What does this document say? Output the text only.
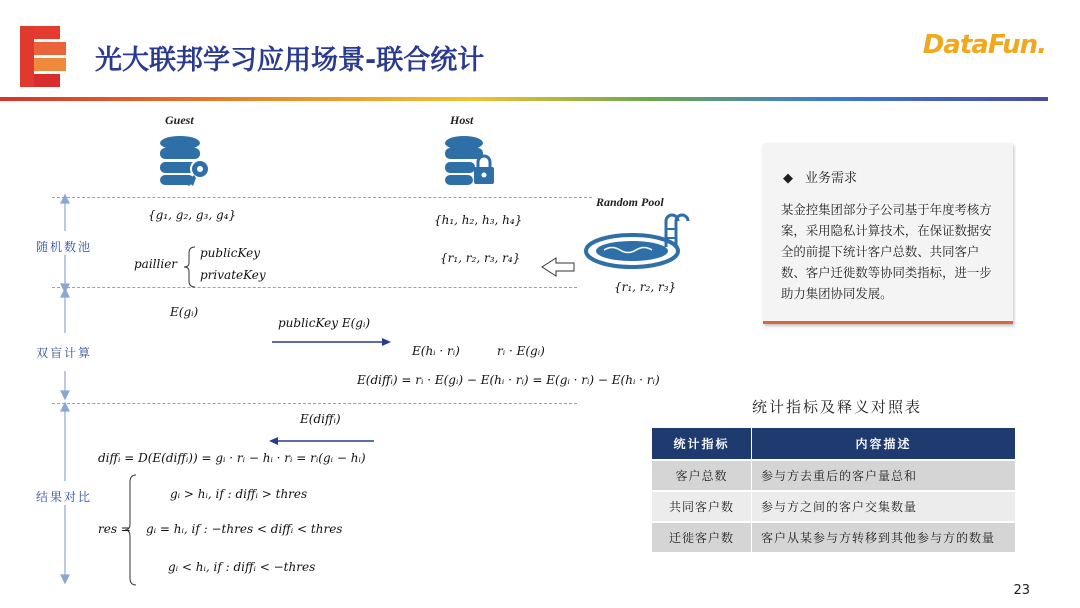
光大联邦学习应用场景-联合统计	DataFun.
Guest	Host
Random Pool
随机数池
双盲计算
结果对比
{g₁, g₂, g₃, g₄}	{h₁, h₂, h₃, h₄}
{r₁, r₂, r₃, r₄}
{r₁, r₂, r₃}
paillier
publicKey
privateKey
E(gᵢ)
publicKey E(gᵢ)
E(hᵢ · rᵢ)	rᵢ · E(gᵢ)
E(diffᵢ) = rᵢ · E(gᵢ) − E(hᵢ · rᵢ) = E(gᵢ · rᵢ) − E(hᵢ · rᵢ)
E(diffᵢ)
diffᵢ = D(E(diffᵢ)) = gᵢ · rᵢ − hᵢ · rᵢ = rᵢ(gᵢ − hᵢ)
res =
gᵢ > hᵢ, if : diffᵢ > thres
gᵢ = hᵢ, if : −thres < diffᵢ < thres
gᵢ < hᵢ, if : diffᵢ < −thres
◆ 业务需求
某金控集团部分子公司基于年度考核方案，采用隐私计算技术，在保证数据安全的前提下统计客户总数、共同客户数、客户迁徙数等协同类指标，进一步助力集团协同发展。
统计指标及释义对照表
统计指标	内容描述
客户总数	参与方去重后的客户量总和
共同客户数	参与方之间的客户交集数量
迁徙客户数	客户从某参与方转移到其他参与方的数量
23
